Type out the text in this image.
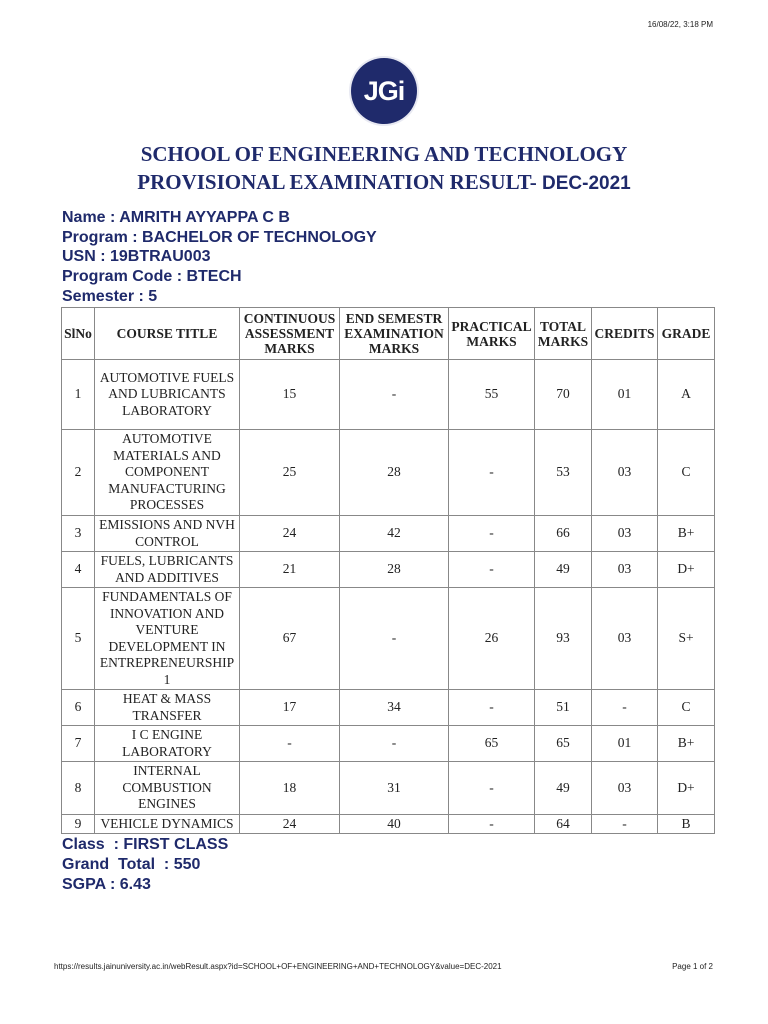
16/08/22, 3:18 PM
JGi
SCHOOL OF ENGINEERING AND TECHNOLOGY
PROVISIONAL EXAMINATION RESULT- DEC-2021
Name : AMRITH AYYAPPA C B
Program : BACHELOR OF TECHNOLOGY
USN : 19BTRAU003
Program Code : BTECH
Semester : 5
SlNo	COURSE TITLE	CONTINUOUS ASSESSMENT MARKS	END SEMESTR EXAMINATION MARKS	PRACTICAL MARKS	TOTAL MARKS	CREDITS	GRADE
1	AUTOMOTIVE FUELS AND LUBRICANTS LABORATORY	15	-	55	70	01	A
2	AUTOMOTIVE MATERIALS AND COMPONENT MANUFACTURING PROCESSES	25	28	-	53	03	C
3	EMISSIONS AND NVH CONTROL	24	42	-	66	03	B+
4	FUELS, LUBRICANTS AND ADDITIVES	21	28	-	49	03	D+
5	FUNDAMENTALS OF INNOVATION AND VENTURE DEVELOPMENT IN ENTREPRENEURSHIP 1	67	-	26	93	03	S+
6	HEAT & MASS TRANSFER	17	34	-	51	-	C
7	I C ENGINE LABORATORY	-	-	65	65	01	B+
8	INTERNAL COMBUSTION ENGINES	18	31	-	49	03	D+
9	VEHICLE DYNAMICS	24	40	-	64	-	B
Class  : FIRST CLASS
Grand  Total  : 550
SGPA : 6.43
https://results.jainuniversity.ac.in/webResult.aspx?id=SCHOOL+OF+ENGINEERING+AND+TECHNOLOGY&value=DEC-2021	Page 1 of 2
